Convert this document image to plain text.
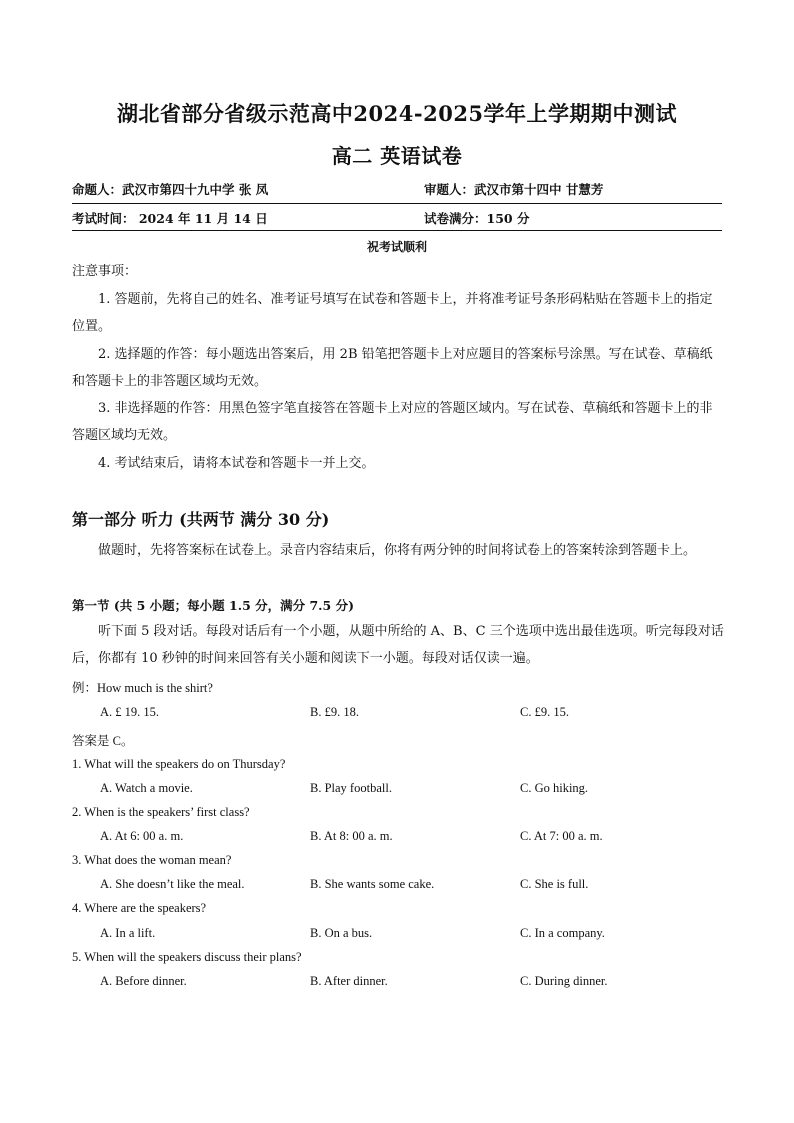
湖北省部分省级示范高中2024-2025学年上学期期中测试
高二 英语试卷
命题人：武汉市第四十九中学 张 凤	审题人：武汉市第十四中 甘慧芳
考试时间： 2024 年 11 月 14 日	试卷满分：150 分
祝考试顺利
注意事项：
1. 答题前，先将自己的姓名、准考证号填写在试卷和答题卡上，并将准考证号条形码粘贴在答题卡上的指定位置。
2. 选择题的作答：每小题选出答案后，用 2B 铅笔把答题卡上对应题目的答案标号涂黑。写在试卷、草稿纸和答题卡上的非答题区域均无效。
3. 非选择题的作答：用黑色签字笔直接答在答题卡上对应的答题区域内。写在试卷、草稿纸和答题卡上的非答题区域均无效。
4. 考试结束后，请将本试卷和答题卡一并上交。
第一部分 听力 (共两节 满分 30 分)
做题时，先将答案标在试卷上。录音内容结束后，你将有两分钟的时间将试卷上的答案转涂到答题卡上。
第一节 (共 5 小题；每小题 1.5 分，满分 7.5 分)
听下面 5 段对话。每段对话后有一个小题，从题中所给的 A、B、C 三个选项中选出最佳选项。听完每段对话后，你都有 10 秒钟的时间来回答有关小题和阅读下一小题。每段对话仅读一遍。
例：How much is the shirt?
A. £ 19. 15.	B. £9. 18.	C. £9. 15.
答案是 C。
1. What will the speakers do on Thursday?
A. Watch a movie.	B. Play football.	C. Go hiking.
2. When is the speakers’ first class?
A. At 6: 00 a. m.	B. At 8: 00 a. m.	C. At 7: 00 a. m.
3. What does the woman mean?
A. She doesn’t like the meal.	B. She wants some cake.	C. She is full.
4. Where are the speakers?
A. In a lift.	B. On a bus.	C. In a company.
5. When will the speakers discuss their plans?
A. Before dinner.	B. After dinner.	C. During dinner.
